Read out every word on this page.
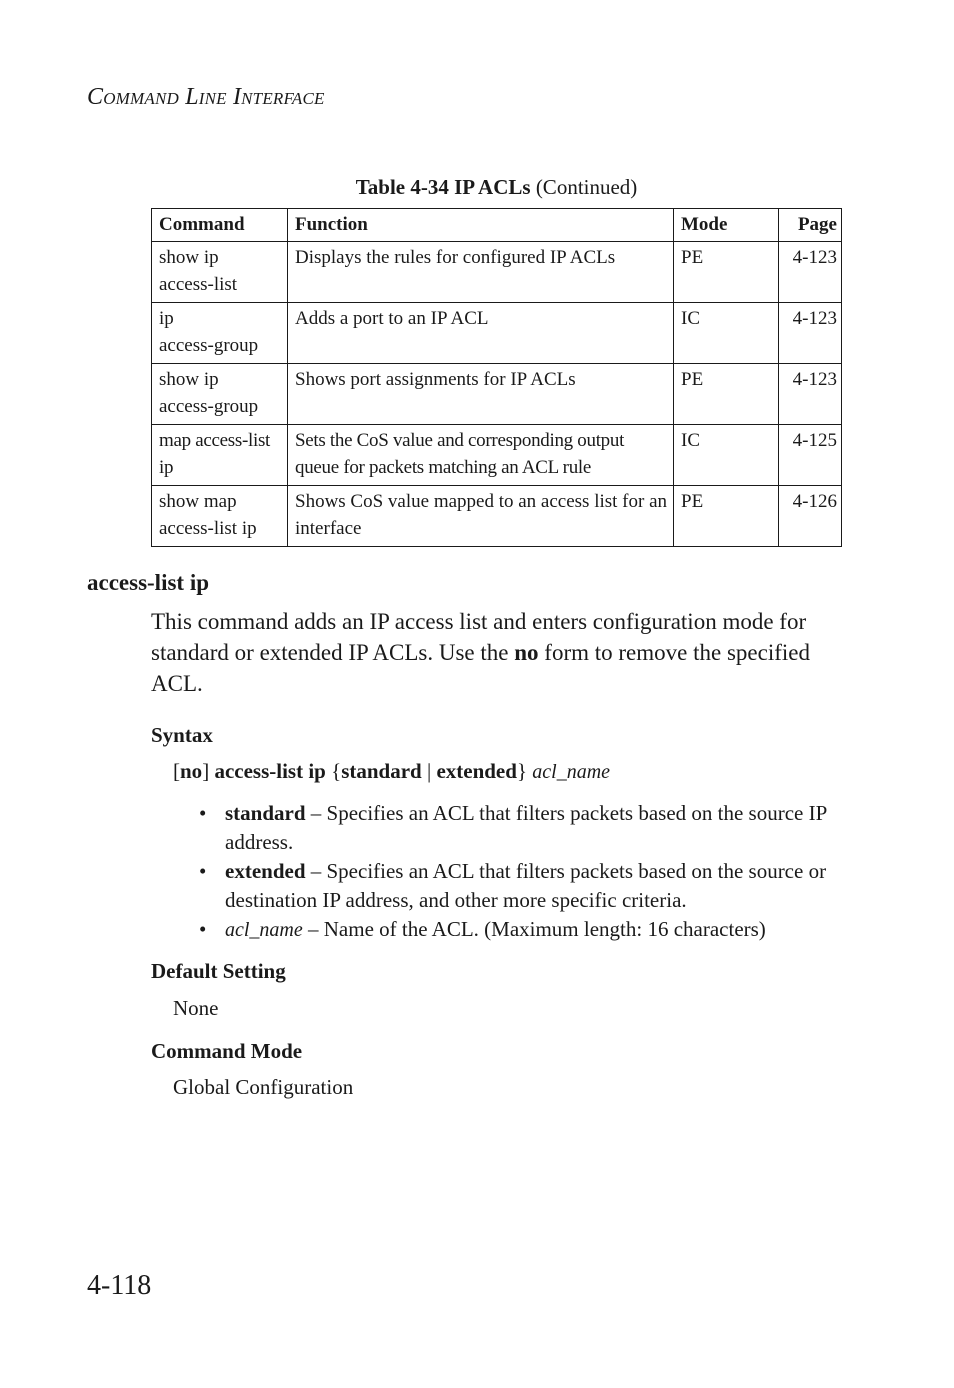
Command Line Interface
Table 4-34 IP ACLs (Continued)
Command	Function	Mode	Page
show ip
access-list	Displays the rules for configured IP ACLs	PE	4-123
ip
access-group	Adds a port to an IP ACL	IC	4-123
show ip
access-group	Shows port assignments for IP ACLs	PE	4-123
map access-list
ip	Sets the CoS value and corresponding output queue for packets matching an ACL rule	IC	4-125
show map
access-list ip	Shows CoS value mapped to an access list for an interface	PE	4-126
access-list ip
This command adds an IP access list and enters configuration mode for standard or extended IP ACLs. Use the no form to remove the specified ACL.
Syntax
[no] access-list ip {standard | extended} acl_name
• standard – Specifies an ACL that filters packets based on the source IP address.
• extended – Specifies an ACL that filters packets based on the source or destination IP address, and other more specific criteria.
• acl_name – Name of the ACL. (Maximum length: 16 characters)
Default Setting
None
Command Mode
Global Configuration
4-118
